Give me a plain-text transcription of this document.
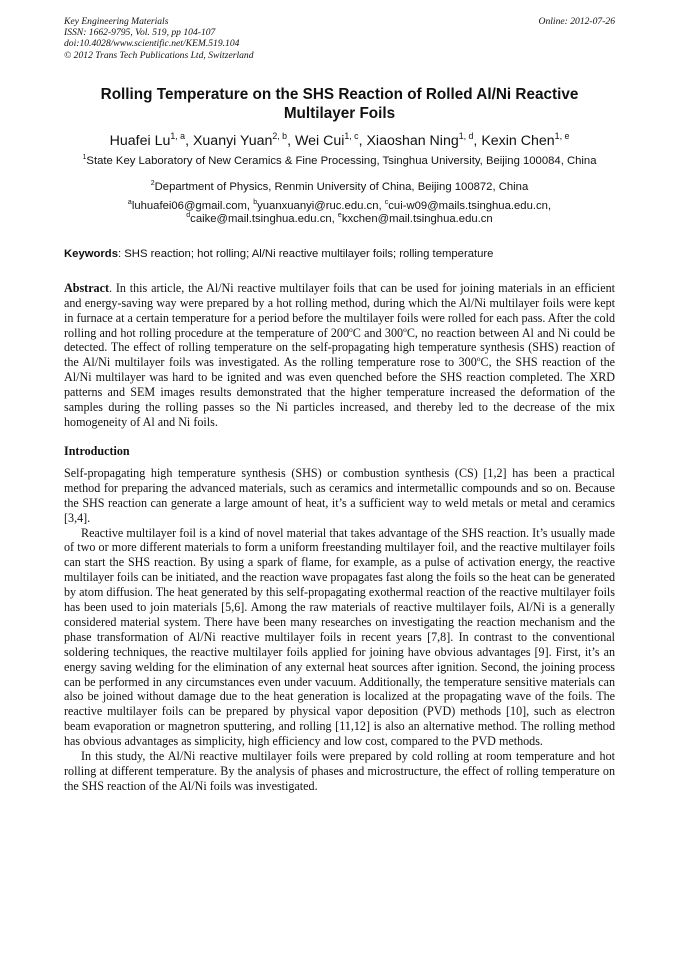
Key Engineering Materials
ISSN: 1662-9795, Vol. 519, pp 104-107
doi:10.4028/www.scientific.net/KEM.519.104
© 2012 Trans Tech Publications Ltd, Switzerland
Online: 2012-07-26
Rolling Temperature on the SHS Reaction of Rolled Al/Ni Reactive Multilayer Foils
Huafei Lu$^{1, a}$, Xuanyi Yuan$^{2, b}$, Wei Cui$^{1, c}$, Xiaoshan Ning$^{1, d}$, Kexin Chen$^{1, e}$
$^1$State Key Laboratory of New Ceramics & Fine Processing, Tsinghua University, Beijing 100084, China
$^2$Department of Physics, Renmin University of China, Beijing 100872, China
$^a$luhuafei06@gmail.com, $^b$yuanxuanyi@ruc.edu.cn, $^c$cui-w09@mails.tsinghua.edu.cn,
$^d$caike@mail.tsinghua.edu.cn, $^e$kxchen@mail.tsinghua.edu.cn
Keywords: SHS reaction; hot rolling; Al/Ni reactive multilayer foils; rolling temperature
Abstract. In this article, the Al/Ni reactive multilayer foils that can be used for joining materials in an efficient and energy-saving way were prepared by a hot rolling method, during which the Al/Ni multilayer foils were kept in furnace at a certain temperature for a period before the multilayer foils were rolled for each pass. After the cold rolling and hot rolling procedure at the temperature of 200$^o$C and 300$^o$C, no reaction between Al and Ni could be detected. The effect of rolling temperature on the self-propagating high temperature synthesis (SHS) reaction of the Al/Ni multilayer foils was investigated. As the rolling temperature rose to 300$^o$C, the SHS reaction of the Al/Ni multilayer was hard to be ignited and was even quenched before the SHS reaction completed. The XRD patterns and SEM images results demonstrated that the higher temperature increased the deformation of the samples during the rolling passes so the Ni particles increased, and thereby led to the decrease of the mix homogeneity of Al and Ni foils.
Introduction

Self-propagating high temperature synthesis (SHS) or combustion synthesis (CS) [1,2] has been a practical method for preparing the advanced materials, such as ceramics and intermetallic compounds and so on. Because the SHS reaction can generate a large amount of heat, it’s a sufficient way to weld metals or metal and ceramics [3,4].

Reactive multilayer foil is a kind of novel material that takes advantage of the SHS reaction. It’s usually made of two or more different materials to form a uniform freestanding multilayer foil, and the reactive multilayer foils can start the SHS reaction. By using a spark of flame, for example, as a pulse of activation energy, the reactive multilayer foils can be initiated, and the reaction wave propagates fast along the foils so the heat can be generated by atom diffusion. The heat generated by this self-propagating exothermal reaction of the reactive multilayer foils has been used to join materials [5,6]. Among the raw materials of reactive multilayer foils, Al/Ni is a generally considered material system. There have been many researches on investigating the reaction mechanism and the phase transformation of Al/Ni reactive multilayer foils in recent years [7,8]. In contrast to the conventional soldering techniques, the reactive multilayer foils applied for joining have obvious advantages [9]. First, it’s an energy saving welding for the elimination of any external heat sources after ignition. Second, the joining process can be performed in any circumstances even under vacuum. Additionally, the temperature sensitive materials can also be joined without damage due to the heat generation is localized at the propagating wave of the foils. The reactive multilayer foils can be prepared by physical vapor deposition (PVD) methods [10], such as electron beam evaporation or magnetron sputtering, and rolling [11,12] is also an alternative method. The rolling method has obvious advantages as simplicity, high efficiency and low cost, compared to the PVD methods.

In this study, the Al/Ni reactive multilayer foils were prepared by cold rolling at room temperature and hot rolling at different temperature. By the analysis of phases and microstructure, the effect of rolling temperature on the SHS reaction of the Al/Ni foils was investigated.
